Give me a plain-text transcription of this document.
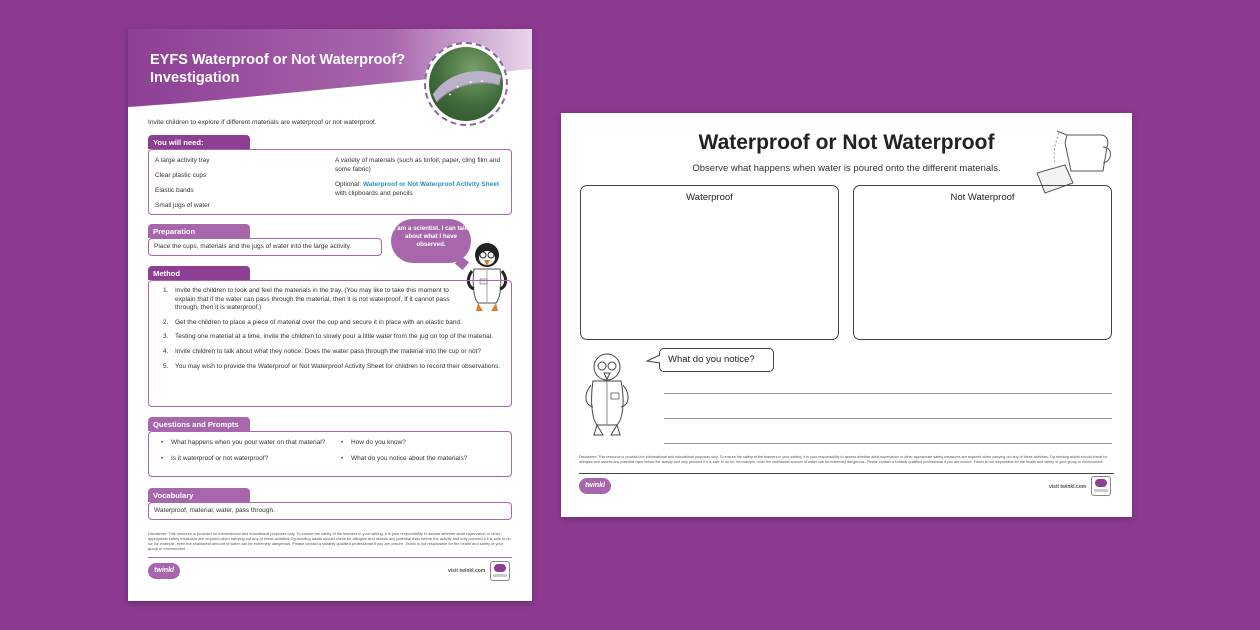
EYFS Waterproof or Not Waterproof? Investigation
Invite children to explore if different materials are waterproof or not waterproof.
You will need:
A large activity tray
Clear plastic cups
Elastic bands
Small jugs of water
A variety of materials (such as tinfoil, paper, cling film and some fabric)
Optional: Waterproof or Not Waterproof Activity Sheet with clipboards and pencils
Preparation
Place the cups, materials and the jugs of water into the large activity.
I am a scientist. I can talk about what I have observed.
Method
1.	Invite the children to look and feel the materials in the tray. (You may like to take this moment to explain that if the water can pass through the material, then it is not waterproof. If it cannot pass through, then it is waterproof.)
2.	Get the children to place a piece of material over the cup and secure it in place with an elastic band.
3.	Testing one material at a time, invite the children to slowly pour a little water from the jug on top of the material.
4.	Invite children to talk about what they notice. Does the water pass through the material into the cup or not?
5.	You may wish to provide the Waterproof or Not Waterproof Activity Sheet for children to record their observations.
Questions and Prompts
•	What happens when you pour water on that material?
•	Is it waterproof or not waterproof?
•	How do you know?
•	What do you notice about the materials?
Vocabulary
Waterproof, material, water, pass through.
Disclaimer: This resource is provided for informational and educational purposes only. To ensure the safety of the learners in your setting, it is your responsibility to assess whether adult supervision or other appropriate safety measures are required when carrying out any of these activities.Og-minding adults should check for allergies and assess any potential risks before the activity and only proceed if it is safe to do so; for example, even the shallowest amount of water can be extremely dangerous. Please contact a suitably qualified professional if you are unsure. Twinkl is not responsible for the health and safety of your group or environment.
twinkl	visit twinkl.com
Waterproof or Not Waterproof
Observe what happens when water is poured onto the different materials.
Waterproof	Not Waterproof
What do you notice?
Disclaimer: This resource is provided for informational and educational purposes only. To ensure the safety of the learners in your setting, it is your responsibility to assess whether adult supervision or other appropriate safety measures are required when carrying out any of these activities. Og-minding adults should check for allergies and assess any potential risks before the activity and only proceed if it is safe to do so; for example, even the shallowest amount of water can be extremely dangerous. Please contact a suitably qualified professional if you are unsure. Twinkl is not responsible for the health and safety of your group or environment.
twinkl	visit twinkl.com
